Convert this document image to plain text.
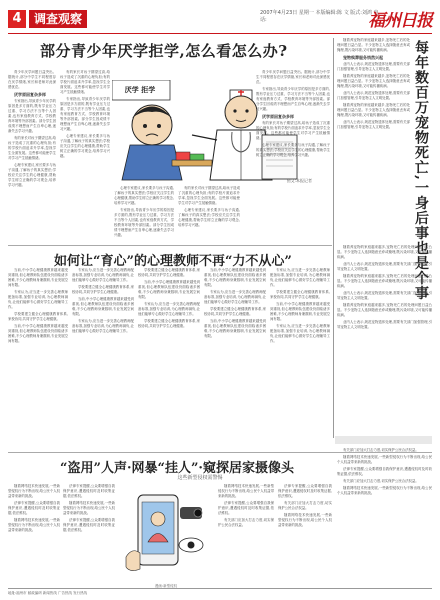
4	调查观察	2007年4月23日 星期一 本版编辑:陈 文 版式:刘鸿 电话:	福州日报
部分青少年厌学拒学,怎么看怎么办?

青少年厌学问题日益突出。据统计,部分中学生不同程度存在厌学情绪,家长和老师对此深感忧虑。

厌学原因复杂多样

专家指出,导致青少年厌学的原因是多方面的,既有学业压力过重、学习方法不当等个人因素,也有家庭教育方式、学校教育环境等外部因素。部分学生因成绩不理想而产生自卑心理,逐渐失去学习兴趣。

有的家长对孩子期望过高,给孩子造成了沉重的心理负担;有的学校片面追求升学率,忽视学生全面发展。这些都可能使学生对学习产生抵触情绪。

心理专家建议,家长要多与孩子沟通,了解孩子的真实想法;学校应关注学生的心理健康,帮助学生树立正确的学习观念,培养学习兴趣。

有的家长对孩子期望过高,给孩子造成了沉重的心理负担;有的学校片面追求升学率,忽视学生全面发展。这些都可能使学生对学习产生抵触情绪。

专家指出,导致青少年厌学的原因是多方面的,既有学业压力过重、学习方法不当等个人因素,也有家庭教育方式、学校教育环境等外部因素。部分学生因成绩不理想而产生自卑心理,逐渐失去学习兴趣。

心理专家建议,家长要多与孩子沟通,了解孩子的真实想法;学校应关注学生的心理健康,帮助学生树立正确的学习观念,培养学习兴趣。

厌学 拒学
图文:本报记者

心理专家建议,家长要多与孩子沟通,了解孩子的真实想法;学校应关注学生的心理健康,帮助学生树立正确的学习观念,培养学习兴趣。

专家指出,导致青少年厌学的原因是多方面的,既有学业压力过重、学习方法不当等个人因素,也有家庭教育方式、学校教育环境等外部因素。部分学生因成绩不理想而产生自卑心理,逐渐失去学习兴趣。

有的家长对孩子期望过高,给孩子造成了沉重的心理负担;有的学校片面追求升学率,忽视学生全面发展。这些都可能使学生对学习产生抵触情绪。

心理专家建议,家长要多与孩子沟通,了解孩子的真实想法;学校应关注学生的心理健康,帮助学生树立正确的学习观念,培养学习兴趣。

青少年厌学问题日益突出。据统计,部分中学生不同程度存在厌学情绪,家长和老师对此深感忧虑。

专家指出,导致青少年厌学的原因是多方面的,既有学业压力过重、学习方法不当等个人因素,也有家庭教育方式、学校教育环境等外部因素。部分学生因成绩不理想而产生自卑心理,逐渐失去学习兴趣。

厌学原因复杂多样

有的家长对孩子期望过高,给孩子造成了沉重的心理负担;有的学校片面追求升学率,忽视学生全面发展。这些都可能使学生对学习产生抵触情绪。

心理专家建议,家长要多与孩子沟通,了解孩子的真实想法;学校应关注学生的心理健康,帮助学生树立正确的学习观念,培养学习兴趣。	每年数百万宠物死亡,一身后事也是个事

随着养宠物的家庭越来越多,宠物死亡后的处理问题日益凸显。不少宠物主人选择随意丢弃或掩埋,既污染环境,又可能传播疾病。

宠物殡葬服务悄然兴起

业内人士表示,规范宠物遗体处理,需要有关部门加强管理,引导宠物主人文明处置。

随着养宠物的家庭越来越多,宠物死亡后的处理问题日益凸显。不少宠物主人选择随意丢弃或掩埋,既污染环境,又可能传播疾病。

业内人士表示,规范宠物遗体处理,需要有关部门加强管理,引导宠物主人文明处置。

随着养宠物的家庭越来越多,宠物死亡后的处理问题日益凸显。不少宠物主人选择随意丢弃或掩埋,既污染环境,又可能传播疾病。

业内人士表示,规范宠物遗体处理,需要有关部门加强管理,引导宠物主人文明处置。

随着养宠物的家庭越来越多,宠物死亡后的处理问题日益凸显。不少宠物主人选择随意丢弃或掩埋,既污染环境,又可能传播疾病。

业内人士表示,规范宠物遗体处理,需要有关部门加强管理,引导宠物主人文明处置。

随着养宠物的家庭越来越多,宠物死亡后的处理问题日益凸显。不少宠物主人选择随意丢弃或掩埋,既污染环境,又可能传播疾病。

业内人士表示,规范宠物遗体处理,需要有关部门加强管理,引导宠物主人文明处置。

随着养宠物的家庭越来越多,宠物死亡后的处理问题日益凸显。不少宠物主人选择随意丢弃或掩埋,既污染环境,又可能传播疾病。

业内人士表示,规范宠物遗体处理,需要有关部门加强管理,引导宠物主人文明处置。

如何让“育心”的心理教师不再“力不从心”

当前,中小学心理健康教育越来越受到重视,但心理教师队伍建设仍面临诸多困难,不少心理教师身兼数职,专业发展空间有限。

专家认为,应当进一步完善心理教师配备标准,加强专业培训,为心理教师减负,让他们能够专心做好学生心理辅导工作。

学校要建立健全心理健康教育体系,家校协同,共同守护学生心理健康。

当前,中小学心理健康教育越来越受到重视,但心理教师队伍建设仍面临诸多困难,不少心理教师身兼数职,专业发展空间有限。

专家认为,应当进一步完善心理教师配备标准,加强专业培训,为心理教师减负,让他们能够专心做好学生心理辅导工作。

学校要建立健全心理健康教育体系,家校协同,共同守护学生心理健康。

当前,中小学心理健康教育越来越受到重视,但心理教师队伍建设仍面临诸多困难,不少心理教师身兼数职,专业发展空间有限。

专家认为,应当进一步完善心理教师配备标准,加强专业培训,为心理教师减负,让他们能够专心做好学生心理辅导工作。

学校要建立健全心理健康教育体系,家校协同,共同守护学生心理健康。

当前,中小学心理健康教育越来越受到重视,但心理教师队伍建设仍面临诸多困难,不少心理教师身兼数职,专业发展空间有限。

专家认为,应当进一步完善心理教师配备标准,加强专业培训,为心理教师减负,让他们能够专心做好学生心理辅导工作。

学校要建立健全心理健康教育体系,家校协同,共同守护学生心理健康。

当前,中小学心理健康教育越来越受到重视,但心理教师队伍建设仍面临诸多困难,不少心理教师身兼数职,专业发展空间有限。

专家认为,应当进一步完善心理教师配备标准,加强专业培训,为心理教师减负,让他们能够专心做好学生心理辅导工作。

学校要建立健全心理健康教育体系,家校协同,共同守护学生心理健康。

当前,中小学心理健康教育越来越受到重视,但心理教师队伍建设仍面临诸多困难,不少心理教师身兼数职,专业发展空间有限。

专家认为,应当进一步完善心理教师配备标准,加强专业培训,为心理教师减负,让他们能够专心做好学生心理辅导工作。

学校要建立健全心理健康教育体系,家校协同,共同守护学生心理健康。

当前,中小学心理健康教育越来越受到重视,但心理教师队伍建设仍面临诸多困难,不少心理教师身兼数职,专业发展空间有限。

专家认为,应当进一步完善心理教师配备标准,加强专业培训,为心理教师减负,让他们能够专心做好学生心理辅导工作。

“盗用”人声·网暴“挂人”·窥探居家摄像头
这些新型侵权需警惕

随着网络技术快速发展,一些新型侵权行为不断出现,给公民个人权益带来新的挑战。

法律专家提醒,公众要增强自我保护意识,遭遇侵权时及时收集证据,依法维权。

随着网络技术快速发展,一些新型侵权行为不断出现,给公民个人权益带来新的挑战。

法律专家提醒,公众要增强自我保护意识,遭遇侵权时及时收集证据,依法维权。

随着网络技术快速发展,一些新型侵权行为不断出现,给公民个人权益带来新的挑战。

法律专家提醒,公众要增强自我保护意识,遭遇侵权时及时收集证据,依法维权。

漫画:新型侵权

随着网络技术快速发展,一些新型侵权行为不断出现,给公民个人权益带来新的挑战。

法律专家提醒,公众要增强自我保护意识,遭遇侵权时及时收集证据,依法维权。

有关部门应加大打击力度,切实保护公民合法权益。

法律专家提醒,公众要增强自我保护意识,遭遇侵权时及时收集证据,依法维权。

有关部门应加大打击力度,切实保护公民合法权益。

随着网络技术快速发展,一些新型侵权行为不断出现,给公民个人权益带来新的挑战。

有关部门应加大打击力度,切实保护公民合法权益。

随着网络技术快速发展,一些新型侵权行为不断出现,给公民个人权益带来新的挑战。

法律专家提醒,公众要增强自我保护意识,遭遇侵权时及时收集证据,依法维权。

有关部门应加大打击力度,切实保护公民合法权益。

随着网络技术快速发展,一些新型侵权行为不断出现,给公民个人权益带来新的挑战。

地址:福州市 邮政编码 新闻热线 广告热线 发行热线
